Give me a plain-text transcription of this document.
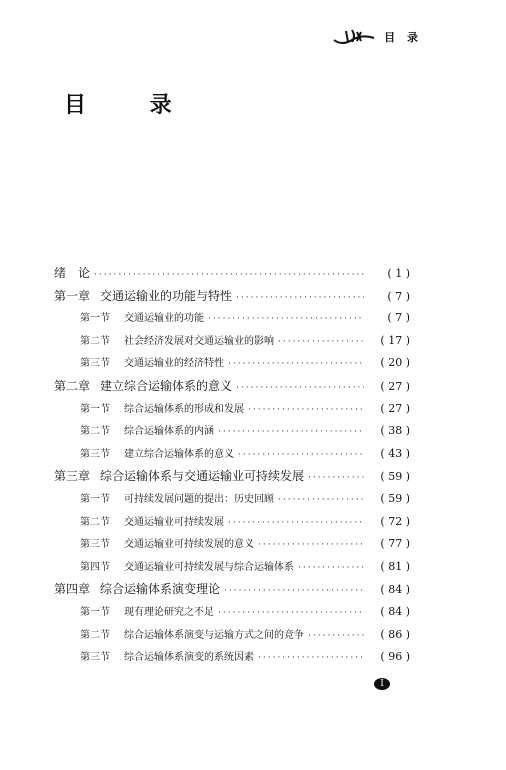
目 录
目 录
绪　论 ·····	( 1 )
第一章 交通运输业的功能与特性 ·····	( 7 )
第一节 交通运输业的功能 ·····	( 7 )
第二节 社会经济发展对交通运输业的影响 ·····	( 17 )
第三节 交通运输业的经济特性 ·····	( 20 )
第二章 建立综合运输体系的意义 ·····	( 27 )
第一节 综合运输体系的形成和发展 ·····	( 27 )
第二节 综合运输体系的内涵 ·····	( 38 )
第三节 建立综合运输体系的意义 ·····	( 43 )
第三章 综合运输体系与交通运输业可持续发展 ·····	( 59 )
第一节 可持续发展问题的提出：历史回顾 ·····	( 59 )
第二节 交通运输业可持续发展 ·····	( 72 )
第三节 交通运输业可持续发展的意义 ·····	( 77 )
第四节 交通运输业可持续发展与综合运输体系 ·····	( 81 )
第四章 综合运输体系演变理论 ·····	( 84 )
第一节 现有理论研究之不足 ·····	( 84 )
第二节 综合运输体系演变与运输方式之间的竞争 ·····	( 86 )
第三节 综合运输体系演变的系统因素 ·····	( 96 )
I
